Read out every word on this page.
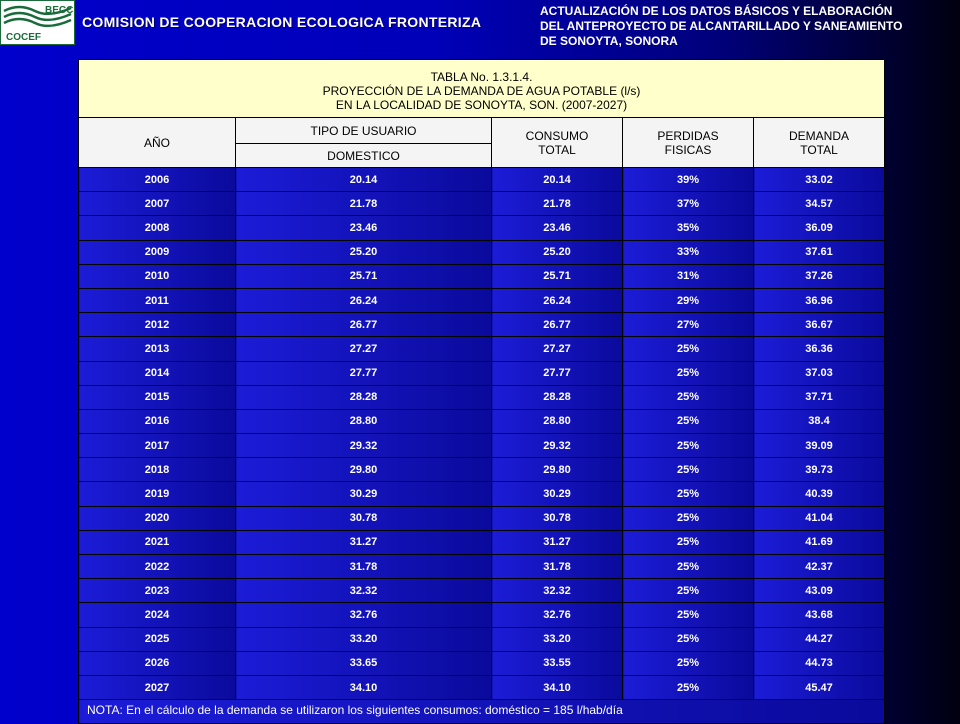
BECC
COCEF
COMISION DE COOPERACION ECOLOGICA FRONTERIZA
ACTUALIZACIÓN DE LOS DATOS BÁSICOS Y ELABORACIÓN
DEL ANTEPROYECTO DE ALCANTARILLADO Y SANEAMIENTO
DE SONOYTA, SONORA
TABLA No. 1.3.1.4.
PROYECCIÓN DE LA DEMANDA DE AGUA POTABLE (l/s)
EN LA LOCALIDAD DE SONOYTA, SON. (2007-2027)				

AÑO	TIPO DE USUARIO	CONSUMO TOTAL	PERDIDAS FISICAS	DEMANDA TOTAL
	DOMESTICO			
2006	20.14	20.14	39%	33.02
2007	21.78	21.78	37%	34.57
2008	23.46	23.46	35%	36.09
2009	25.20	25.20	33%	37.61
2010	25.71	25.71	31%	37.26
2011	26.24	26.24	29%	36.96
2012	26.77	26.77	27%	36.67
2013	27.27	27.27	25%	36.36
2014	27.77	27.77	25%	37.03
2015	28.28	28.28	25%	37.71
2016	28.80	28.80	25%	38.4
2017	29.32	29.32	25%	39.09
2018	29.80	29.80	25%	39.73
2019	30.29	30.29	25%	40.39
2020	30.78	30.78	25%	41.04
2021	31.27	31.27	25%	41.69
2022	31.78	31.78	25%	42.37
2023	32.32	32.32	25%	43.09
2024	32.76	32.76	25%	43.68
2025	33.20	33.20	25%	44.27
2026	33.65	33.55	25%	44.73
2027	34.10	34.10	25%	45.47
NOTA: En el cálculo de la demanda se utilizaron los siguientes consumos: doméstico = 185 l/hab/día				
